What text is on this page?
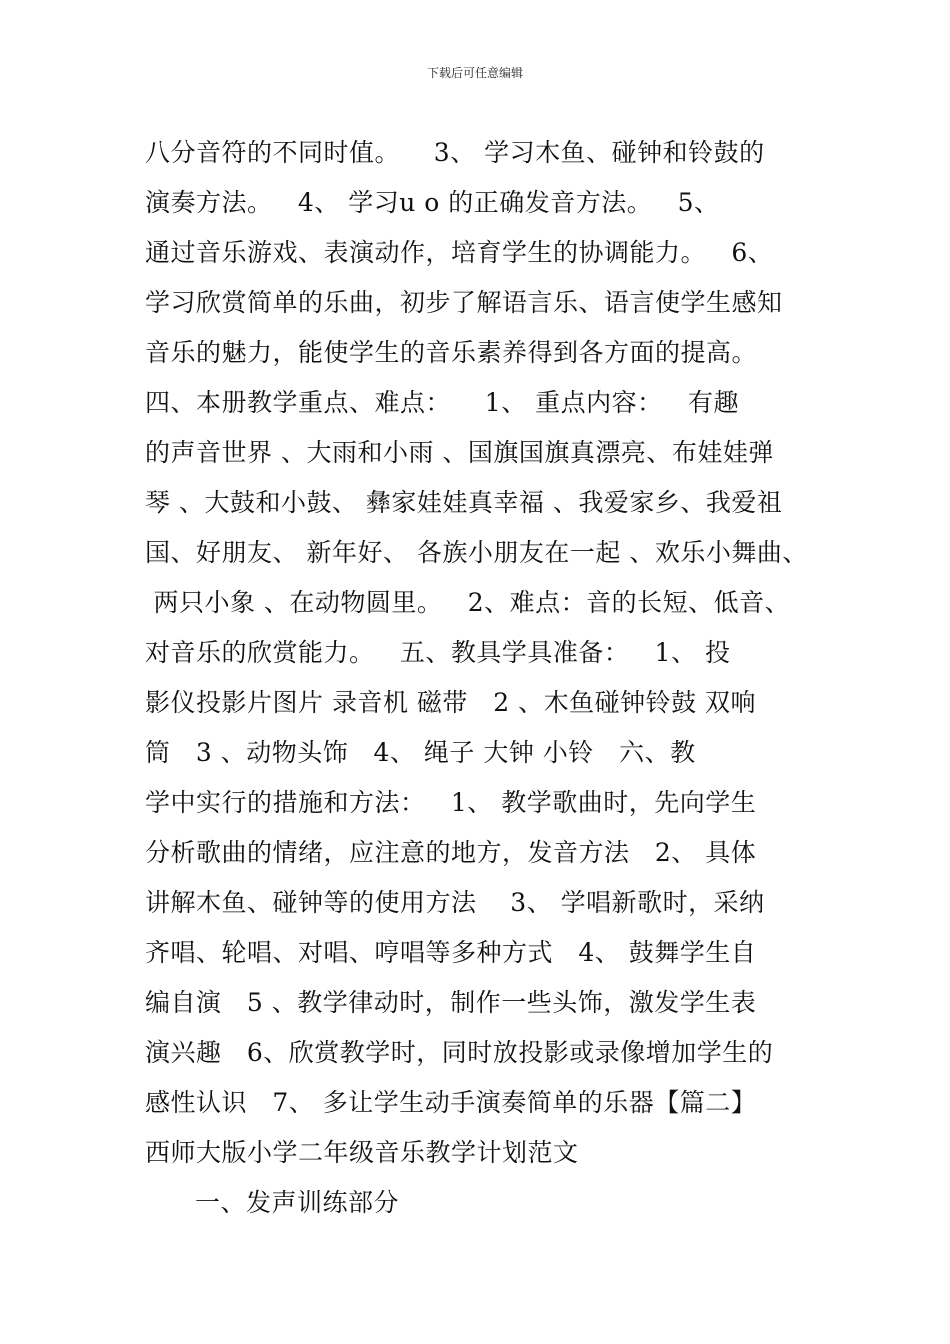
下载后可任意编辑
八分音符的不同时值。    3、 学习木鱼、碰钟和铃鼓的
演奏方法。   4、 学习u o 的正确发音方法。   5、
通过音乐游戏、表演动作，培育学生的协调能力。   6、
学习欣赏简单的乐曲，初步了解语言乐、语言使学生感知
音乐的魅力，能使学生的音乐素养得到各方面的提高。
四、本册教学重点、难点：    1、 重点内容：   有趣
的声音世界 、大雨和小雨 、国旗国旗真漂亮、布娃娃弹
琴 、大鼓和小鼓、 彝家娃娃真幸福 、我爱家乡、我爱祖
国、好朋友、 新年好、 各族小朋友在一起 、欢乐小舞曲、
两只小象 、在动物圆里。   2、难点：音的长短、低音、
对音乐的欣赏能力。   五、教具学具准备：   1、 投
影仪投影片图片 录音机 磁带   2 、木鱼碰钟铃鼓 双响
筒   3 、动物头饰   4、 绳子 大钟 小铃   六、教
学中实行的措施和方法：   1、 教学歌曲时，先向学生
分析歌曲的情绪，应注意的地方，发音方法   2、 具体
讲解木鱼、碰钟等的使用方法    3、 学唱新歌时，采纳
齐唱、轮唱、对唱、哼唱等多种方式   4、 鼓舞学生自
编自演   5 、教学律动时，制作一些头饰，激发学生表
演兴趣   6、欣赏教学时，同时放投影或录像增加学生的
感性认识   7、 多让学生动手演奏简单的乐器【篇二】
西师大版小学二年级音乐教学计划范文
一、发声训练部分
